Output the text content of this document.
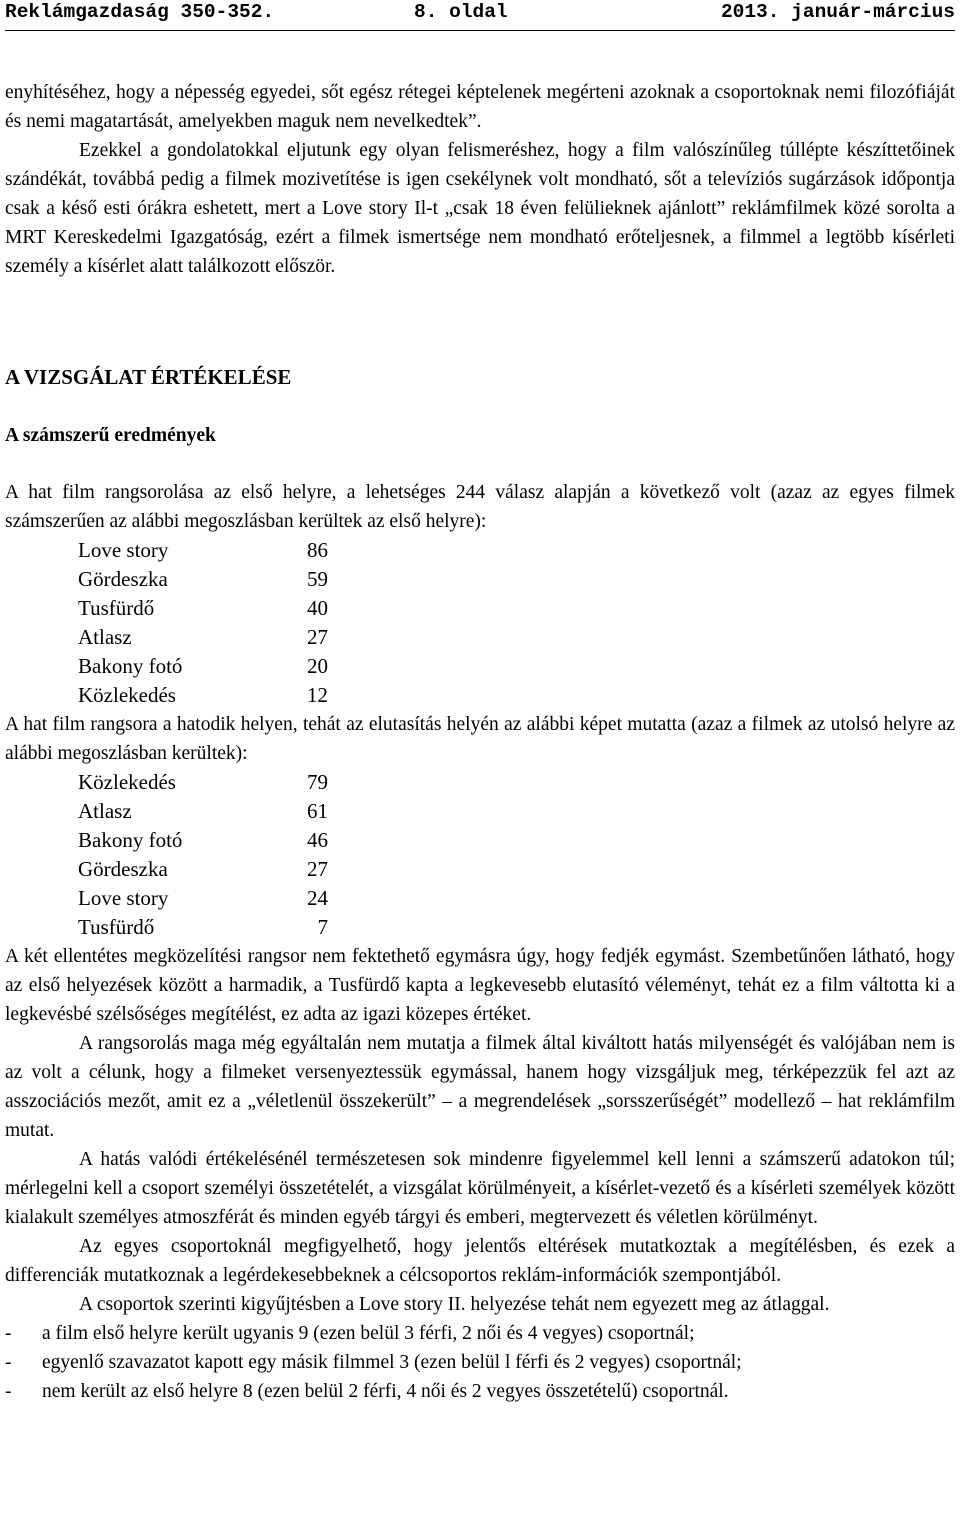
Reklámgazdaság 350-352.	8. oldal	2013. január-március

enyhítéséhez, hogy a népesség egyedei, sőt egész rétegei képtelenek megérteni azoknak a csoportoknak nemi filozófiáját és nemi magatartását, amelyekben maguk nem nevelkedtek”.

Ezekkel a gondolatokkal eljutunk egy olyan felismeréshez, hogy a film valószínűleg túllépte készíttetőinek szándékát, továbbá pedig a filmek mozivetítése is igen csekélynek volt mondható, sőt a televíziós sugárzások időpontja csak a késő esti órákra eshetett, mert a Love story Il-t „csak 18 éven felülieknek ajánlott” reklámfilmek közé sorolta a MRT Kereskedelmi Igazgatóság, ezért a filmek ismertsége nem mondható erőteljesnek, a filmmel a legtöbb kísérleti személy a kísérlet alatt találkozott először.

A VIZSGÁLAT ÉRTÉKELÉSE
A számszerű eredmények

A hat film rangsorolása az első helyre, a lehetséges 244 válasz alapján a következő volt (azaz az egyes filmek számszerűen az alábbi megoszlásban kerültek az első helyre):

Love story	86
Gördeszka	59
Tusfürdő	40
Atlasz	27
Bakony fotó	20
Közlekedés	12

A hat film rangsora a hatodik helyen, tehát az elutasítás helyén az alábbi képet mutatta (azaz a filmek az utolsó helyre az alábbi megoszlásban kerültek):

Közlekedés	79
Atlasz	61
Bakony fotó	46
Gördeszka	27
Love story	24
Tusfürdő	7

A két ellentétes megközelítési rangsor nem fektethető egymásra úgy, hogy fedjék egymást. Szembetűnően látható, hogy az első helyezések között a harmadik, a Tusfürdő kapta a legkevesebb elutasító véleményt, tehát ez a film váltotta ki a legkevésbé szélsőséges megítélést, ez adta az igazi közepes értéket.

A rangsorolás maga még egyáltalán nem mutatja a filmek által kiváltott hatás milyenségét és valójában nem is az volt a célunk, hogy a filmeket versenyeztessük egymással, hanem hogy vizsgáljuk meg, térképezzük fel azt az asszociációs mezőt, amit ez a „véletlenül összekerült” – a megrendelések „sorsszerűségét” modellező – hat reklámfilm mutat.

A hatás valódi értékelésénél természetesen sok mindenre figyelemmel kell lenni a számszerű adatokon túl; mérlegelni kell a csoport személyi összetételét, a vizsgálat körülményeit, a kísérlet-vezető és a kísérleti személyek között kialakult személyes atmoszférát és minden egyéb tárgyi és emberi, megtervezett és véletlen körülményt.

Az egyes csoportoknál megfigyelhető, hogy jelentős eltérések mutatkoztak a megítélésben, és ezek a differenciák mutatkoznak a legérdekesebbeknek a célcsoportos reklám-információk szempontjából.

A csoportok szerinti kigyűjtésben a Love story II. helyezése tehát nem egyezett meg az átlaggal.

- a film első helyre került ugyanis 9 (ezen belül 3 férfi, 2 női és 4 vegyes) csoportnál;
- egyenlő szavazatot kapott egy másik filmmel 3 (ezen belül l férfi és 2 vegyes) csoportnál;
- nem került az első helyre 8 (ezen belül 2 férfi, 4 női és 2 vegyes összetételű) csoportnál.
